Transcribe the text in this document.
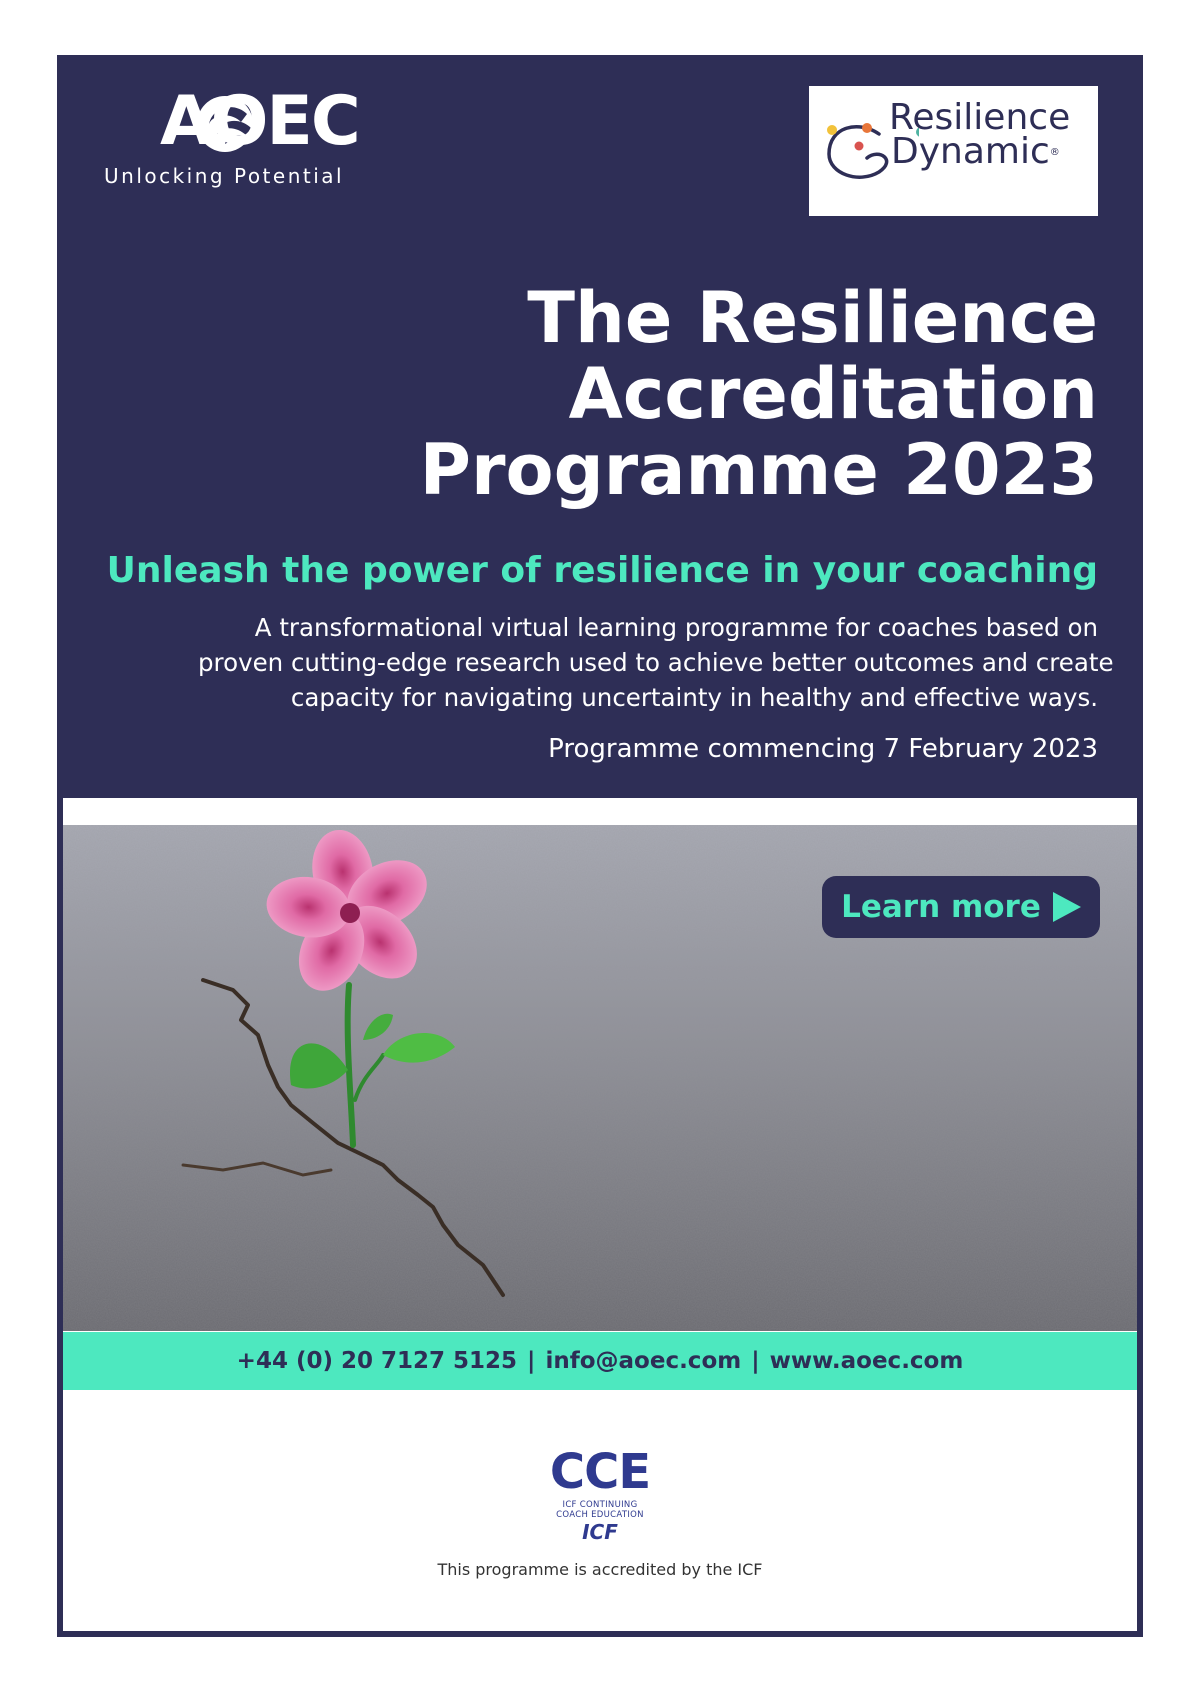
AOEC
Unlocking Potential
Resilience
Dynamic®
The Resilience
Accreditation
Programme 2023
Unleash the power of resilience in your coaching
A transformational virtual learning programme for coaches based on
proven cutting-edge research used to achieve better outcomes and create
capacity for navigating uncertainty in healthy and effective ways.
Programme commencing 7 February 2023
Learn more
+44 (0) 20 7127 5125 | info@aoec.com | www.aoec.com
CCE
ICF CONTINUING
COACH EDUCATION
ICF
This programme is accredited by the ICF
